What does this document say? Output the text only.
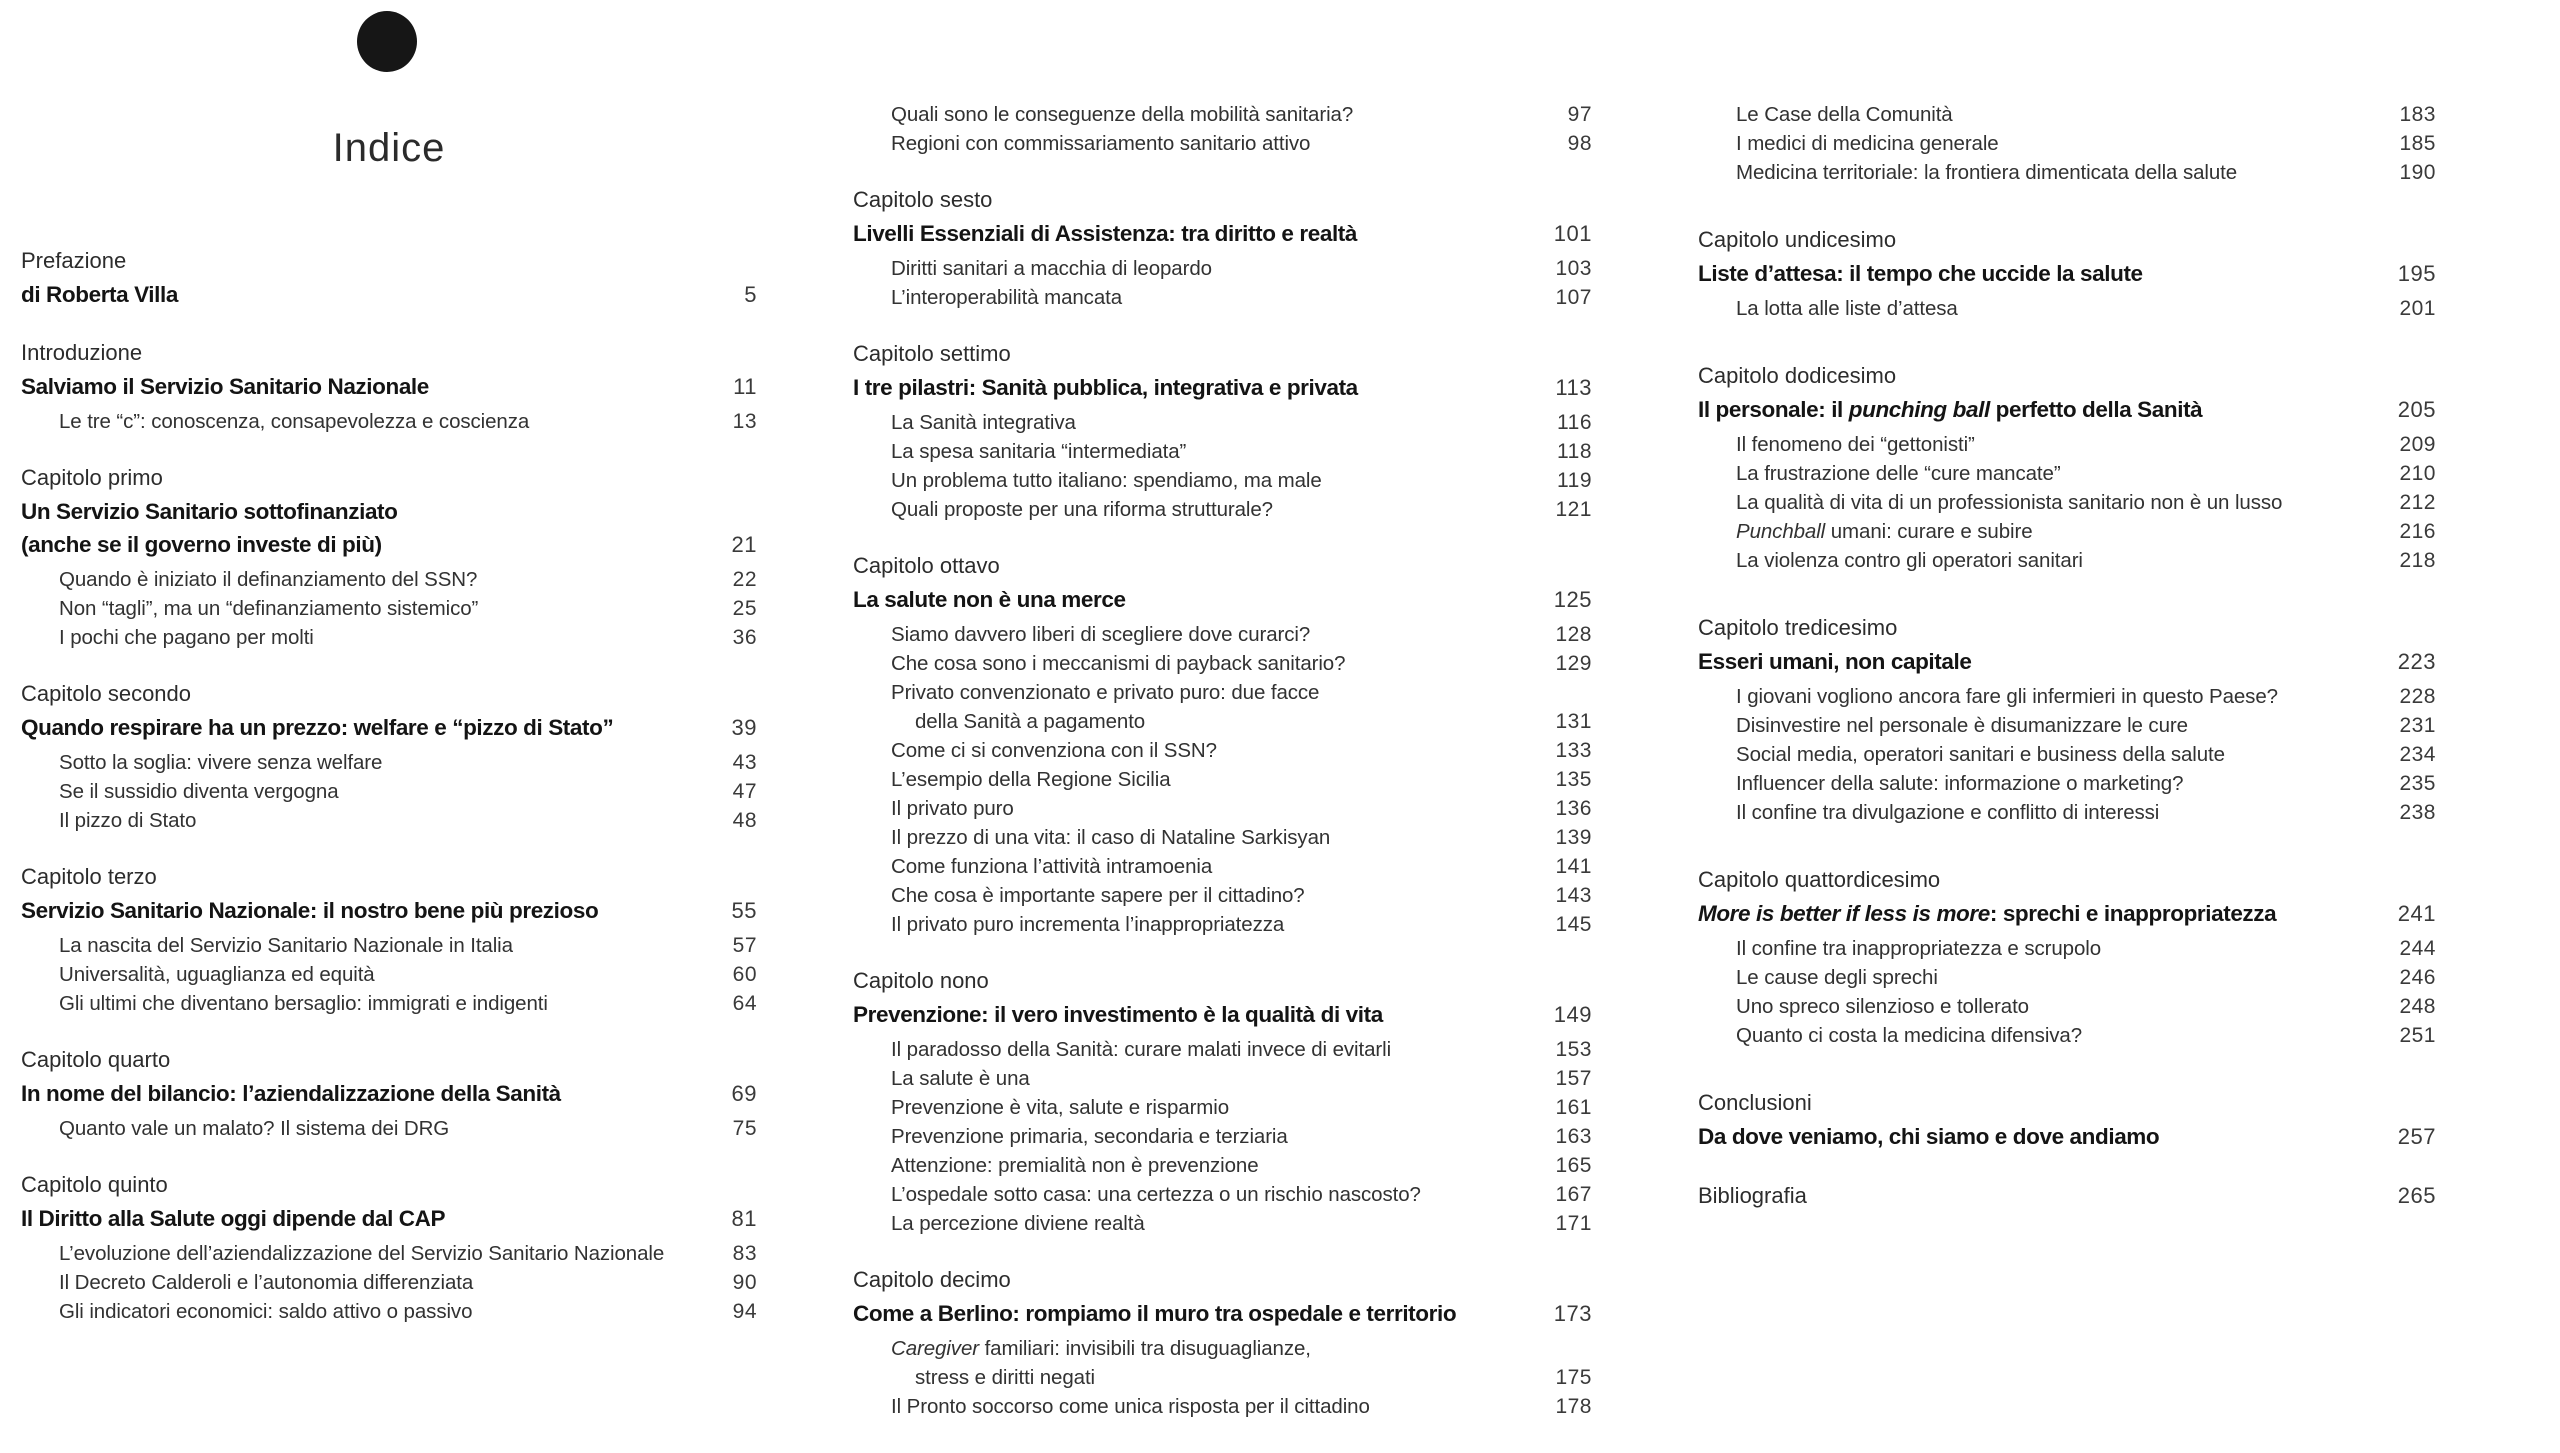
Indice
Prefazione
di Roberta Villa	5
Introduzione
Salviamo il Servizio Sanitario Nazionale	11
Le tre “c”: conoscenza, consapevolezza e coscienza	13
Capitolo primo
Un Servizio Sanitario sottofinanziato
(anche se il governo investe di più)	21
Quando è iniziato il definanziamento del SSN?	22
Non “tagli”, ma un “definanziamento sistemico”	25
I pochi che pagano per molti	36
Capitolo secondo
Quando respirare ha un prezzo: welfare e “pizzo di Stato”	39
Sotto la soglia: vivere senza welfare	43
Se il sussidio diventa vergogna	47
Il pizzo di Stato	48
Capitolo terzo
Servizio Sanitario Nazionale: il nostro bene più prezioso	55
La nascita del Servizio Sanitario Nazionale in Italia	57
Universalità, uguaglianza ed equità	60
Gli ultimi che diventano bersaglio: immigrati e indigenti	64
Capitolo quarto
In nome del bilancio: l’aziendalizzazione della Sanità	69
Quanto vale un malato? Il sistema dei DRG	75
Capitolo quinto
Il Diritto alla Salute oggi dipende dal CAP	81
L’evoluzione dell’aziendalizzazione del Servizio Sanitario Nazionale	83
Il Decreto Calderoli e l’autonomia differenziata	90
Gli indicatori economici: saldo attivo o passivo	94
Quali sono le conseguenze della mobilità sanitaria?	97
Regioni con commissariamento sanitario attivo	98
Capitolo sesto
Livelli Essenziali di Assistenza: tra diritto e realtà	101
Diritti sanitari a macchia di leopardo	103
L’interoperabilità mancata	107
Capitolo settimo
I tre pilastri: Sanità pubblica, integrativa e privata	113
La Sanità integrativa	116
La spesa sanitaria “intermediata”	118
Un problema tutto italiano: spendiamo, ma male	119
Quali proposte per una riforma strutturale?	121
Capitolo ottavo
La salute non è una merce	125
Siamo davvero liberi di scegliere dove curarci?	128
Che cosa sono i meccanismi di payback sanitario?	129
Privato convenzionato e privato puro: due facce
della Sanità a pagamento	131
Come ci si convenziona con il SSN?	133
L’esempio della Regione Sicilia	135
Il privato puro	136
Il prezzo di una vita: il caso di Nataline Sarkisyan	139
Come funziona l’attività intramoenia	141
Che cosa è importante sapere per il cittadino?	143
Il privato puro incrementa l’inappropriatezza	145
Capitolo nono
Prevenzione: il vero investimento è la qualità di vita	149
Il paradosso della Sanità: curare malati invece di evitarli	153
La salute è una	157
Prevenzione è vita, salute e risparmio	161
Prevenzione primaria, secondaria e terziaria	163
Attenzione: premialità non è prevenzione	165
L’ospedale sotto casa: una certezza o un rischio nascosto?	167
La percezione diviene realtà	171
Capitolo decimo
Come a Berlino: rompiamo il muro tra ospedale e territorio	173
Caregiver familiari: invisibili tra disuguaglianze,
stress e diritti negati	175
Il Pronto soccorso come unica risposta per il cittadino	178
Le Case della Comunità	183
I medici di medicina generale	185
Medicina territoriale: la frontiera dimenticata della salute	190
Capitolo undicesimo
Liste d’attesa: il tempo che uccide la salute	195
La lotta alle liste d’attesa	201
Capitolo dodicesimo
Il personale: il punching ball perfetto della Sanità	205
Il fenomeno dei “gettonisti”	209
La frustrazione delle “cure mancate”	210
La qualità di vita di un professionista sanitario non è un lusso	212
Punchball umani: curare e subire	216
La violenza contro gli operatori sanitari	218
Capitolo tredicesimo
Esseri umani, non capitale	223
I giovani vogliono ancora fare gli infermieri in questo Paese?	228
Disinvestire nel personale è disumanizzare le cure	231
Social media, operatori sanitari e business della salute	234
Influencer della salute: informazione o marketing?	235
Il confine tra divulgazione e conflitto di interessi	238
Capitolo quattordicesimo
More is better if less is more: sprechi e inappropriatezza	241
Il confine tra inappropriatezza e scrupolo	244
Le cause degli sprechi	246
Uno spreco silenzioso e tollerato	248
Quanto ci costa la medicina difensiva?	251
Conclusioni
Da dove veniamo, chi siamo e dove andiamo	257
Bibliografia	265
